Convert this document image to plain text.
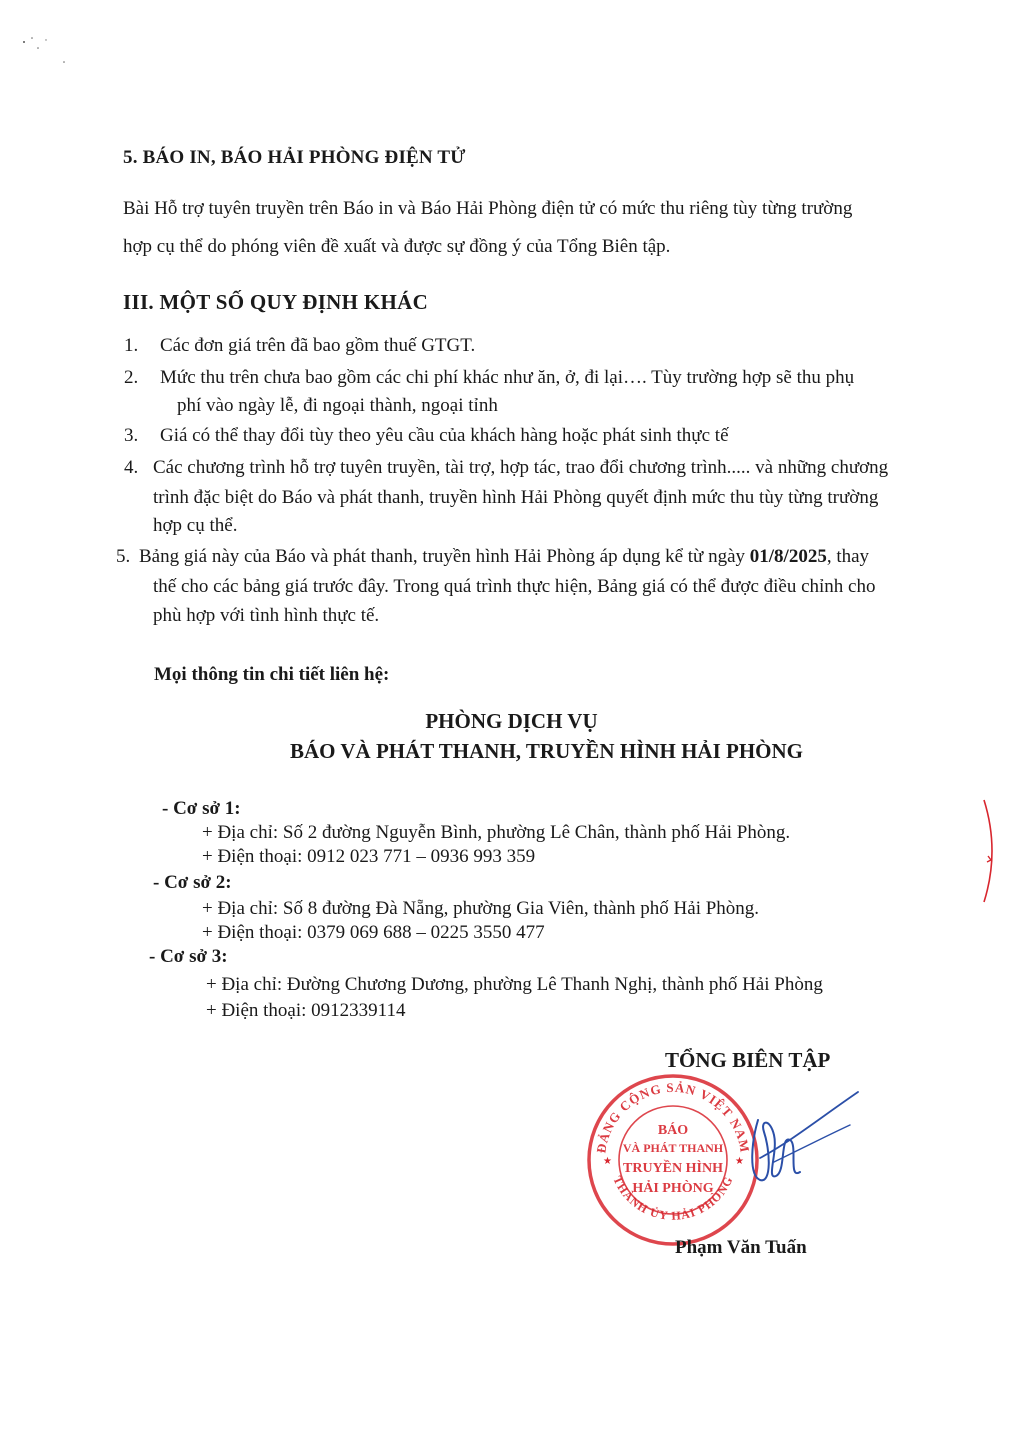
5. BÁO IN, BÁO HẢI PHÒNG ĐIỆN TỬ
Bài Hỗ trợ tuyên truyền trên Báo in và Báo Hải Phòng điện tử có mức thu riêng tùy từng trường
hợp cụ thể do phóng viên đề xuất và được sự đồng ý của Tổng Biên tập.
III. MỘT SỐ QUY ĐỊNH KHÁC
1. Các đơn giá trên đã bao gồm thuế GTGT.
2. Mức thu trên chưa bao gồm các chi phí khác như ăn, ở, đi lại…. Tùy trường hợp sẽ thu phụ
phí vào ngày lễ, đi ngoại thành, ngoại tỉnh
3. Giá có thể thay đổi tùy theo yêu cầu của khách hàng hoặc phát sinh thực tế
4. Các chương trình hỗ trợ tuyên truyền, tài trợ, hợp tác, trao đổi chương trình..... và những chương
trình đặc biệt do Báo và phát thanh, truyền hình Hải Phòng quyết định mức thu tùy từng trường
hợp cụ thể.
5. Bảng giá này của Báo và phát thanh, truyền hình Hải Phòng áp dụng kể từ ngày 01/8/2025, thay
thế cho các bảng giá trước đây. Trong quá trình thực hiện, Bảng giá có thể được điều chỉnh cho
phù hợp với tình hình thực tế.
Mọi thông tin chi tiết liên hệ:
PHÒNG DỊCH VỤ
BÁO VÀ PHÁT THANH, TRUYỀN HÌNH HẢI PHÒNG
- Cơ sở 1:
+ Địa chỉ: Số 2 đường Nguyễn Bình, phường Lê Chân, thành phố Hải Phòng.
+ Điện thoại: 0912 023 771 – 0936 993 359
- Cơ sở 2:
+ Địa chỉ: Số 8 đường Đà Nẵng, phường Gia Viên, thành phố Hải Phòng.
+ Điện thoại: 0379 069 688 – 0225 3550 477
- Cơ sở 3:
+ Địa chỉ: Đường Chương Dương, phường Lê Thanh Nghị, thành phố Hải Phòng
+ Điện thoại: 0912339114
TỔNG BIÊN TẬP
ĐẢNG CỘNG SẢN VIỆT NAM
THÀNH ỦY HẢI PHÒNG
★	★
BÁO
VÀ PHÁT THANH
TRUYỀN HÌNH
HẢI PHÒNG
Phạm Văn Tuấn
